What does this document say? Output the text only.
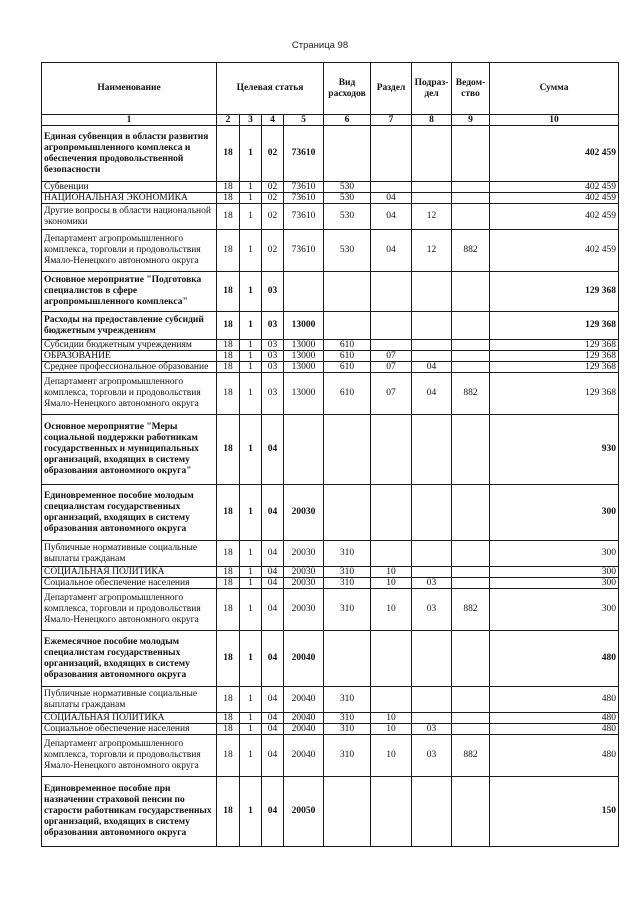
Страница 98
Наименование	Целевая статья				Вид расходов	Раздел	Подраз-дел	Ведом-ство	Сумма
1	2	3	4	5	6	7	8	9	10
Единая субвенция в области развития агропромышленного комплекса и обеспечения продовольственной безопасности	18	1	02	73610					402 459
Субвенции	18	1	02	73610	530				402 459
НАЦИОНАЛЬНАЯ ЭКОНОМИКА	18	1	02	73610	530	04			402 459
Другие вопросы в области национальной экономики	18	1	02	73610	530	04	12		402 459
Департамент агропромышленного комплекса, торговли и продовольствия Ямало-Ненецкого автономного округа	18	1	02	73610	530	04	12	882	402 459
Основное мероприятие "Подготовка специалистов в сфере агропромышленного комплекса"	18	1	03						129 368
Расходы на предоставление субсидий бюджетным учреждениям	18	1	03	13000					129 368
Субсидии бюджетным учреждениям	18	1	03	13000	610				129 368
ОБРАЗОВАНИЕ	18	1	03	13000	610	07			129 368
Среднее профессиональное образование	18	1	03	13000	610	07	04		129 368
Департамент агропромышленного комплекса, торговли и продовольствия Ямало-Ненецкого автономного округа	18	1	03	13000	610	07	04	882	129 368
Основное мероприятие "Меры социальной поддержки работникам государственных и муниципальных организаций, входящих в систему образования автономного округа"	18	1	04						930
Единовременное пособие молодым специалистам государственных организаций, входящих в систему образования автономного округа	18	1	04	20030					300
Публичные нормативные социальные выплаты гражданам	18	1	04	20030	310				300
СОЦИАЛЬНАЯ ПОЛИТИКА	18	1	04	20030	310	10			300
Социальное обеспечение населения	18	1	04	20030	310	10	03		300
Департамент агропромышленного комплекса, торговли и продовольствия Ямало-Ненецкого автономного округа	18	1	04	20030	310	10	03	882	300
Ежемесячное пособие молодым специалистам государственных организаций, входящих в систему образования автономного округа	18	1	04	20040					480
Публичные нормативные социальные выплаты гражданам	18	1	04	20040	310				480
СОЦИАЛЬНАЯ ПОЛИТИКА	18	1	04	20040	310	10			480
Социальное обеспечение населения	18	1	04	20040	310	10	03		480
Департамент агропромышленного комплекса, торговли и продовольствия Ямало-Ненецкого автономного округа	18	1	04	20040	310	10	03	882	480
Единовременное пособие при назначении страховой пенсии по старости работникам государственных организаций, входящих в систему образования автономного округа	18	1	04	20050					150
